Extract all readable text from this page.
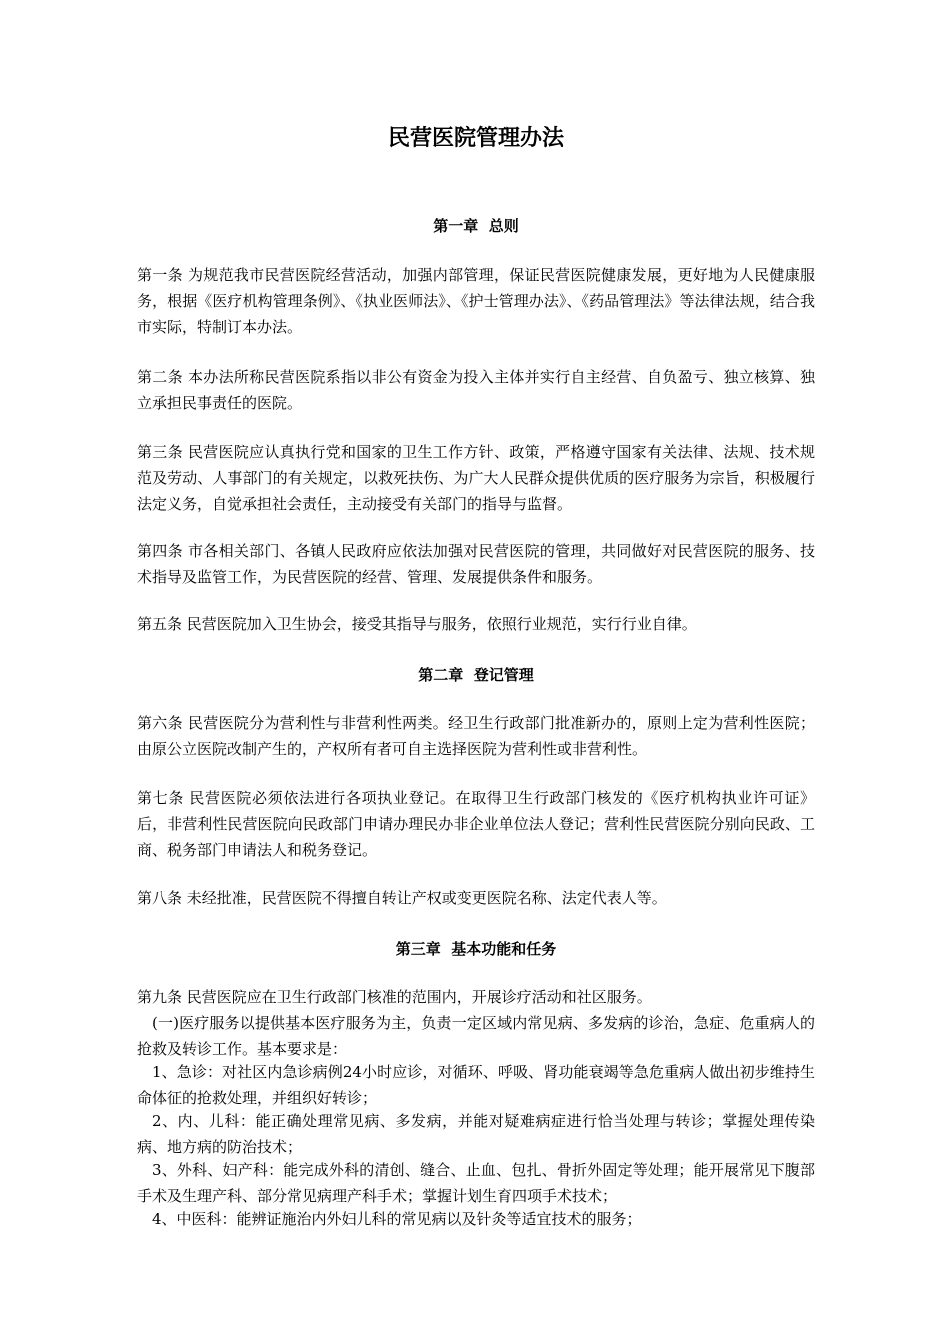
民营医院管理办法
第一章  总则

第一条 为规范我市民营医院经营活动，加强内部管理，保证民营医院健康发展，更好地为人民健康服务，根据《医疗机构管理条例》、《执业医师法》、《护士管理办法》、《药品管理法》等法律法规，结合我市实际，特制订本办法。

第二条 本办法所称民营医院系指以非公有资金为投入主体并实行自主经营、自负盈亏、独立核算、独立承担民事责任的医院。

第三条 民营医院应认真执行党和国家的卫生工作方针、政策，严格遵守国家有关法律、法规、技术规范及劳动、人事部门的有关规定，以救死扶伤、为广大人民群众提供优质的医疗服务为宗旨，积极履行法定义务，自觉承担社会责任，主动接受有关部门的指导与监督。

第四条 市各相关部门、各镇人民政府应依法加强对民营医院的管理，共同做好对民营医院的服务、技术指导及监管工作，为民营医院的经营、管理、发展提供条件和服务。

第五条 民营医院加入卫生协会，接受其指导与服务，依照行业规范，实行行业自律。

第二章  登记管理

第六条 民营医院分为营利性与非营利性两类。经卫生行政部门批准新办的，原则上定为营利性医院；由原公立医院改制产生的，产权所有者可自主选择医院为营利性或非营利性。

第七条 民营医院必须依法进行各项执业登记。在取得卫生行政部门核发的《医疗机构执业许可证》后，非营利性民营医院向民政部门申请办理民办非企业单位法人登记；营利性民营医院分别向民政、工商、税务部门申请法人和税务登记。

第八条 未经批准，民营医院不得擅自转让产权或变更医院名称、法定代表人等。

第三章  基本功能和任务

第九条 民营医院应在卫生行政部门核准的范围内，开展诊疗活动和社区服务。

(一)医疗服务以提供基本医疗服务为主，负责一定区域内常见病、多发病的诊治，急症、危重病人的抢救及转诊工作。基本要求是：

1、急诊：对社区内急诊病例24小时应诊，对循环、呼吸、肾功能衰竭等急危重病人做出初步维持生命体征的抢救处理，并组织好转诊；

2、内、儿科：能正确处理常见病、多发病，并能对疑难病症进行恰当处理与转诊；掌握处理传染病、地方病的防治技术；

3、外科、妇产科：能完成外科的清创、缝合、止血、包扎、骨折外固定等处理；能开展常见下腹部手术及生理产科、部分常见病理产科手术；掌握计划生育四项手术技术；

4、中医科：能辨证施治内外妇儿科的常见病以及针灸等适宜技术的服务；
